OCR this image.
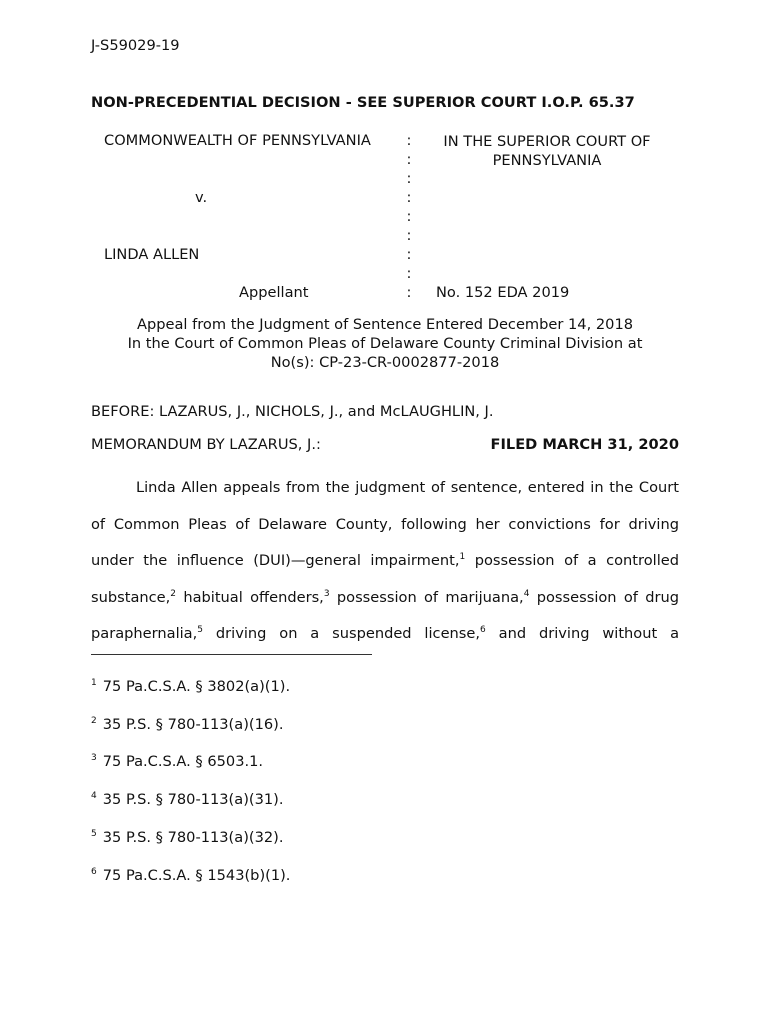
J-S59029-19
NON-PRECEDENTIAL DECISION - SEE SUPERIOR COURT I.O.P. 65.37
COMMONWEALTH OF PENNSYLVANIA
v.
LINDA ALLEN
Appellant
:
:
:
:
:
:
:
:
:
IN THE SUPERIOR COURT OF
PENNSYLVANIA
No. 152 EDA 2019
Appeal from the Judgment of Sentence Entered December 14, 2018
In the Court of Common Pleas of Delaware County Criminal Division at
No(s): CP-23-CR-0002877-2018
BEFORE: LAZARUS, J., NICHOLS, J., and McLAUGHLIN, J.
MEMORANDUM BY LAZARUS, J.:	FILED MARCH 31, 2020

Linda Allen appeals from the judgment of sentence, entered in the Court of Common Pleas of Delaware County, following her convictions for driving under the influence (DUI)—general impairment,$^1$ possession of a controlled substance,$^2$ habitual offenders,$^3$ possession of marijuana,$^4$ possession of drug paraphernalia,$^5$ driving on a suspended license,$^6$ and driving without a

$^1$ 75 Pa.C.S.A. § 3802(a)(1).
$^2$ 35 P.S. § 780-113(a)(16).
$^3$ 75 Pa.C.S.A. § 6503.1.
$^4$ 35 P.S. § 780-113(a)(31).
$^5$ 35 P.S. § 780-113(a)(32).
$^6$ 75 Pa.C.S.A. § 1543(b)(1).
